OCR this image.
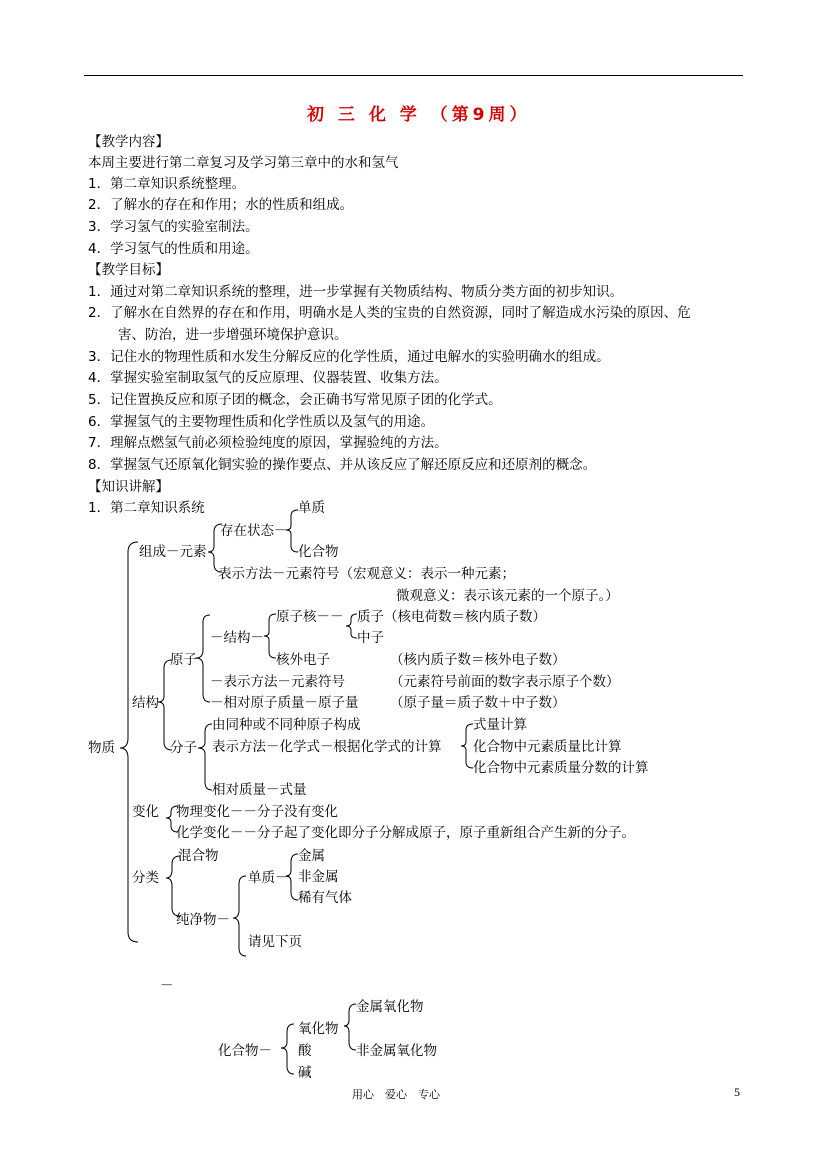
初 三 化 学 （第9周）
【教学内容】
本周主要进行第二章复习及学习第三章中的水和氢气
1．第二章知识系统整理。
2．了解水的存在和作用；水的性质和组成。
3．学习氢气的实验室制法。
4．学习氢气的性质和用途。
【教学目标】
1．通过对第二章知识系统的整理，进一步掌握有关物质结构、物质分类方面的初步知识。
2．了解水在自然界的存在和作用，明确水是人类的宝贵的自然资源，同时了解造成水污染的原因、危
害、防治，进一步增强环境保护意识。
3．记住水的物理性质和水发生分解反应的化学性质，通过电解水的实验明确水的组成。
4．掌握实验室制取氢气的反应原理、仪器装置、收集方法。
5．记住置换反应和原子团的概念，会正确书写常见原子团的化学式。
6．掌握氢气的主要物理性质和化学性质以及氢气的用途。
7．理解点燃氢气前必须检验纯度的原因，掌握验纯的方法。
8．掌握氢气还原氧化铜实验的操作要点、并从该反应了解还原反应和还原剂的概念。
【知识讲解】
1．第二章知识系统
物质
组成－元素
存在状态－
单质
化合物
表示方法－元素符号（宏观意义：表示一种元素；
微观意义：表示该元素的一个原子。）
结构
原子
－结构－
原子核－－ 质子（核电荷数＝核内质子数）
中子
核外电子	（核内质子数＝核外电子数）
－表示方法－元素符号	（元素符号前面的数字表示原子个数）
－相对原子质量－原子量 （原子量＝质子数＋中子数）
分子
由同种或不同种原子构成
表示方法－化学式－根据化学式的计算
式量计算
化合物中元素质量比计算
化合物中元素质量分数的计算
相对质量－式量
变化 物理变化－－分子没有变化
化学变化－－分子起了变化即分子分解成原子，原子重新组合产生新的分子。
分类
混合物
纯净物－
单质－
金属
非金属
稀有气体
请见下页
－
化合物－
氧化物
酸
碱
金属氧化物
非金属氧化物
用心　爱心　专心	5
